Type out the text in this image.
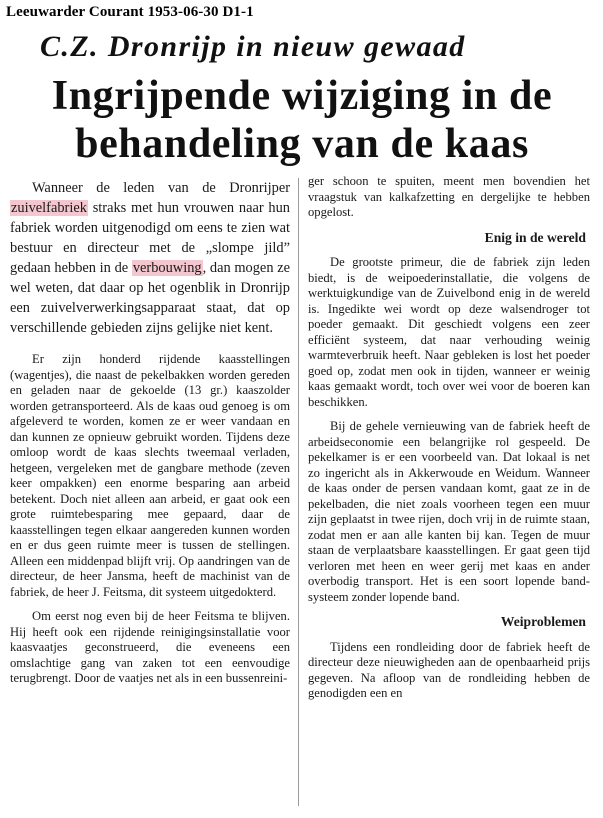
Leeuwarder Courant 1953-06-30 D1-1
C.Z. Dronrijp in nieuw gewaad
Ingrijpende wijziging in de behandeling van de kaas

Wanneer de leden van de Dronrijper zuivelfabriek straks met hun vrouwen naar hun fabriek worden uitgenodigd om eens te zien wat bestuur en directeur met de „slompe jild” gedaan hebben in de verbouwing, dan mogen ze wel weten, dat daar op het ogenblik in Dronrijp een zuivelverwerkingsapparaat staat, dat op verschillende gebieden zijns gelijke niet kent.

Er zijn honderd rijdende kaasstellingen (wagentjes), die naast de pekelbakken worden gereden en geladen naar de gekoelde (13 gr.) kaaszolder worden getransporteerd. Als de kaas oud genoeg is om afgeleverd te worden, komen ze er weer vandaan en dan kunnen ze opnieuw gebruikt worden. Tijdens deze omloop wordt de kaas slechts tweemaal verladen, hetgeen, vergeleken met de gangbare methode (zeven keer ompakken) een enorme besparing aan arbeid betekent. Doch niet alleen aan arbeid, er gaat ook een grote ruimtebesparing mee gepaard, daar de kaasstellingen tegen elkaar aangereden kunnen worden en er dus geen ruimte meer is tussen de stellingen. Alleen een middenpad blijft vrij. Op aandringen van de directeur, de heer Jansma, heeft de machinist van de fabriek, de heer J. Feitsma, dit systeem uitgedokterd.

Om eerst nog even bij de heer Feitsma te blijven. Hij heeft ook een rijdende reinigingsinstallatie voor kaasvaatjes geconstrueerd, die eveneens een omslachtige gang van zaken tot een eenvoudige terugbrengt. Door de vaatjes net als in een bussenreini-

ger schoon te spuiten, meent men bovendien het vraagstuk van kalkafzetting en dergelijke te hebben opgelost.

Enig in de wereld

De grootste primeur, die de fabriek zijn leden biedt, is de weipoederinstallatie, die volgens de werktuigkundige van de Zuivelbond enig in de wereld is. Ingedikte wei wordt op deze walsendroger tot poeder gemaakt. Dit geschiedt volgens een zeer efficiënt systeem, dat naar verhouding weinig warmteverbruik heeft. Naar gebleken is lost het poeder goed op, zodat men ook in tijden, wanneer er weinig kaas gemaakt wordt, toch over wei voor de boeren kan beschikken.

Bij de gehele vernieuwing van de fabriek heeft de arbeidseconomie een belangrijke rol gespeeld. De pekelkamer is er een voorbeeld van. Dat lokaal is net zo ingericht als in Akkerwoude en Weidum. Wanneer de kaas onder de persen vandaan komt, gaat ze in de pekelbaden, die niet zoals voorheen tegen een muur zijn geplaatst in twee rijen, doch vrij in de ruimte staan, zodat men er aan alle kanten bij kan. Tegen de muur staan de verplaatsbare kaasstellingen. Er gaat geen tijd verloren met heen en weer gerij met kaas en ander overbodig transport. Het is een soort lopende band-systeem zonder lopende band.

Weiproblemen

Tijdens een rondleiding door de fabriek heeft de directeur deze nieuwigheden aan de openbaarheid prijs gegeven. Na afloop van de rondleiding hebben de genodigden een en
